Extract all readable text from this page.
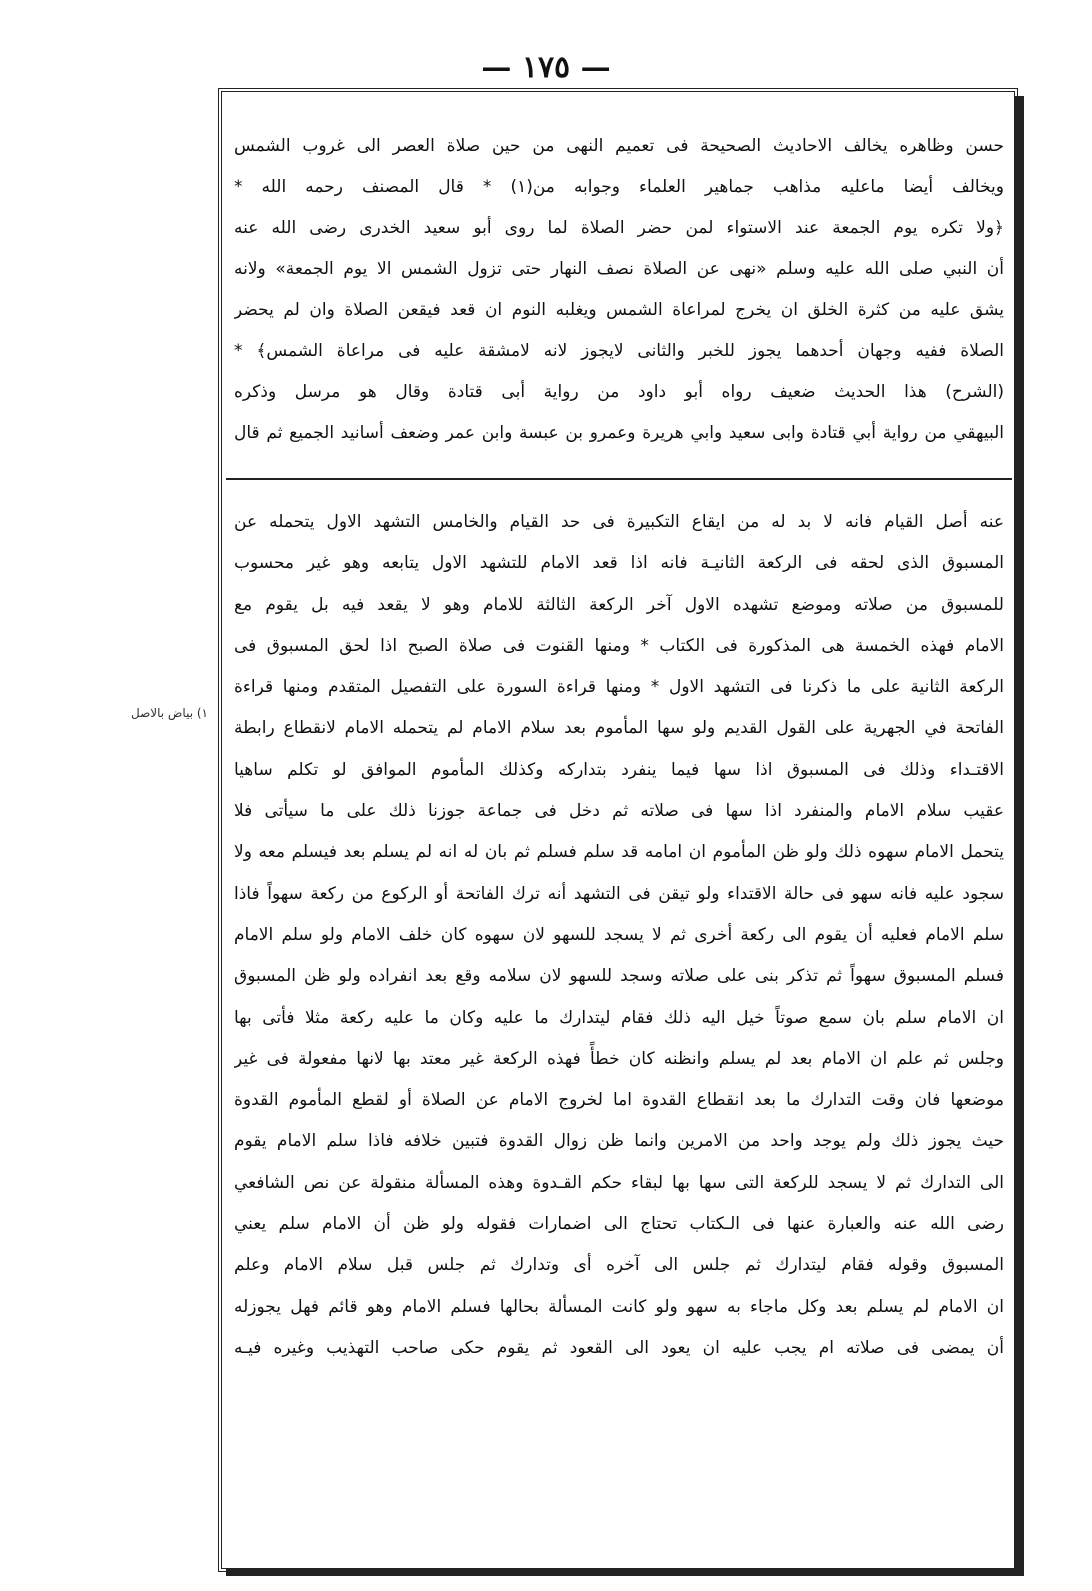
— ١٧٥ —
حسن وظاهره يخالف الاحاديث الصحيحة فى تعميم النهى من حين صلاة العصر الى غروب الشمس
ويخالف أيضا ماعليه مذاهب جماهير العلماء وجوابه من(١) * قال المصنف رحمه الله *
﴿ولا تكره يوم الجمعة عند الاستواء لمن حضر الصلاة لما روى أبو سعيد الخدرى رضى الله عنه
أن النبي صلى الله عليه وسلم «نهى عن الصلاة نصف النهار حتى تزول الشمس الا يوم الجمعة» ولانه
يشق عليه من كثرة الخلق ان يخرج لمراعاة الشمس ويغلبه النوم ان قعد فيقعن الصلاة وان لم يحضر
الصلاة ففيه وجهان أحدهما يجوز للخبر والثانى لايجوز لانه لامشقة عليه فى مراعاة الشمس﴾ *
(الشرح) هذا الحديث ضعيف رواه أبو داود من رواية أبى قتادة وقال هو مرسل وذكره
البيهقي من رواية أبي قتادة وابى سعيد وابي هريرة وعمرو بن عبسة وابن عمر وضعف أسانيد الجميع ثم قال
عنه أصل القيام فانه لا بد له من ايقاع التكبيرة فى حد القيام والخامس التشهد الاول يتحمله عن
المسبوق الذى لحقه فى الركعة الثانيـة فانه اذا قعد الامام للتشهد الاول يتابعه وهو غير محسوب
للمسبوق من صلاته وموضع تشهده الاول آخر الركعة الثالثة للامام وهو لا يقعد فيه بل يقوم مع
الامام فهذه الخمسة هى المذكورة فى الكتاب * ومنها القنوت فى صلاة الصبح اذا لحق المسبوق فى
الركعة الثانية على ما ذكرنا فى التشهد الاول * ومنها قراءة السورة على التفصيل المتقدم ومنها قراءة
الفاتحة في الجهرية على القول القديم ولو سها المأموم بعد سلام الامام لم يتحمله الامام لانقطاع رابطة
الاقتـداء وذلك فى المسبوق اذا سها فيما ينفرد بتداركه وكذلك المأموم الموافق لو تكلم ساهيا
عقيب سلام الامام والمنفرد اذا سها فى صلاته ثم دخل فى جماعة جوزنا ذلك على ما سيأتى فلا
يتحمل الامام سهوه ذلك ولو ظن المأموم ان امامه قد سلم فسلم ثم بان له انه لم يسلم بعد فيسلم معه ولا
سجود عليه فانه سهو فى حالة الاقتداء ولو تيقن فى التشهد أنه ترك الفاتحة أو الركوع من ركعة سهواً فاذا
سلم الامام فعليه أن يقوم الى ركعة أخرى ثم لا يسجد للسهو لان سهوه كان خلف الامام ولو سلم الامام
فسلم المسبوق سهواً ثم تذكر بنى على صلاته وسجد للسهو لان سلامه وقع بعد انفراده ولو ظن المسبوق
ان الامام سلم بان سمع صوتاً خيل اليه ذلك فقام ليتدارك ما عليه وكان ما عليه ركعة مثلا فأتى بها
وجلس ثم علم ان الامام بعد لم يسلم وانظنه كان خطأً فهذه الركعة غير معتد بها لانها مفعولة فى غير
موضعها فان وقت التدارك ما بعد انقطاع القدوة اما لخروج الامام عن الصلاة أو لقطع المأموم القدوة
حيث يجوز ذلك ولم يوجد واحد من الامرين وانما ظن زوال القدوة فتبين خلافه فاذا سلم الامام يقوم
الى التدارك ثم لا يسجد للركعة التى سها بها لبقاء حكم القـدوة وهذه المسألة منقولة عن نص الشافعي
رضى الله عنه والعبارة عنها فى الـكتاب تحتاج الى اضمارات فقوله ولو ظن أن الامام سلم يعني
المسبوق وقوله فقام ليتدارك ثم جلس الى آخره أى وتدارك ثم جلس قبل سلام الامام وعلم
ان الامام لم يسلم بعد وكل ماجاء به سهو ولو كانت المسألة بحالها فسلم الامام وهو قائم فهل يجوزله
أن يمضى فى صلاته ام يجب عليه ان يعود الى القعود ثم يقوم حكى صاحب التهذيب وغيره فيـه
١) بياض بالاصل
